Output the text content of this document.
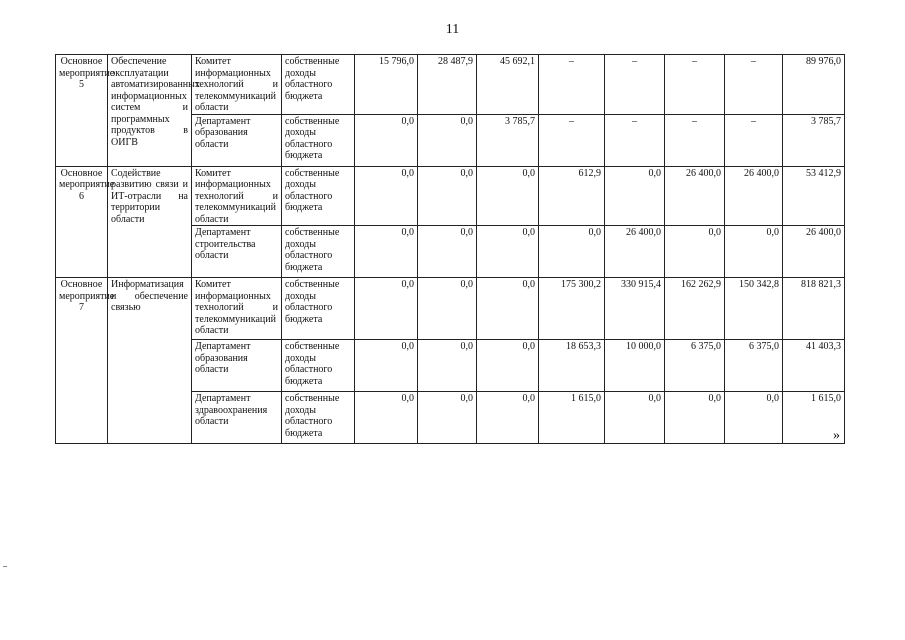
11
Основное мероприятие 5	Обеспечение эксплуатации автоматизированных информационных систем и программных продуктов в ОИГВ	Комитет информационных технологий и телекоммуникаций области	собственные доходы областного бюджета	15 796,0	28 487,9	45 692,1	–	–	–	–	89 976,0
		Департамент образования области	собственные доходы областного бюджета	0,0	0,0	3 785,7	–	–	–	–	3 785,7
Основное мероприятие 6	Содействие развитию связи и ИТ-отрасли на территории области	Комитет информационных технологий и телекоммуникаций области	собственные доходы областного бюджета	0,0	0,0	0,0	612,9	0,0	26 400,0	26 400,0	53 412,9
		Департамент строительства области	собственные доходы областного бюджета	0,0	0,0	0,0	0,0	26 400,0	0,0	0,0	26 400,0
Основное мероприятие 7	Информатизация и обеспечение связью	Комитет информационных технологий и телекоммуникаций области	собственные доходы областного бюджета	0,0	0,0	0,0	175 300,2	330 915,4	162 262,9	150 342,8	818 821,3
		Департамент образования области	собственные доходы областного бюджета	0,0	0,0	0,0	18 653,3	10 000,0	6 375,0	6 375,0	41 403,3
		Департамент здравоохранения области	собственные доходы областного бюджета	0,0	0,0	0,0	1 615,0	0,0	0,0	0,0	1 615,0
»
